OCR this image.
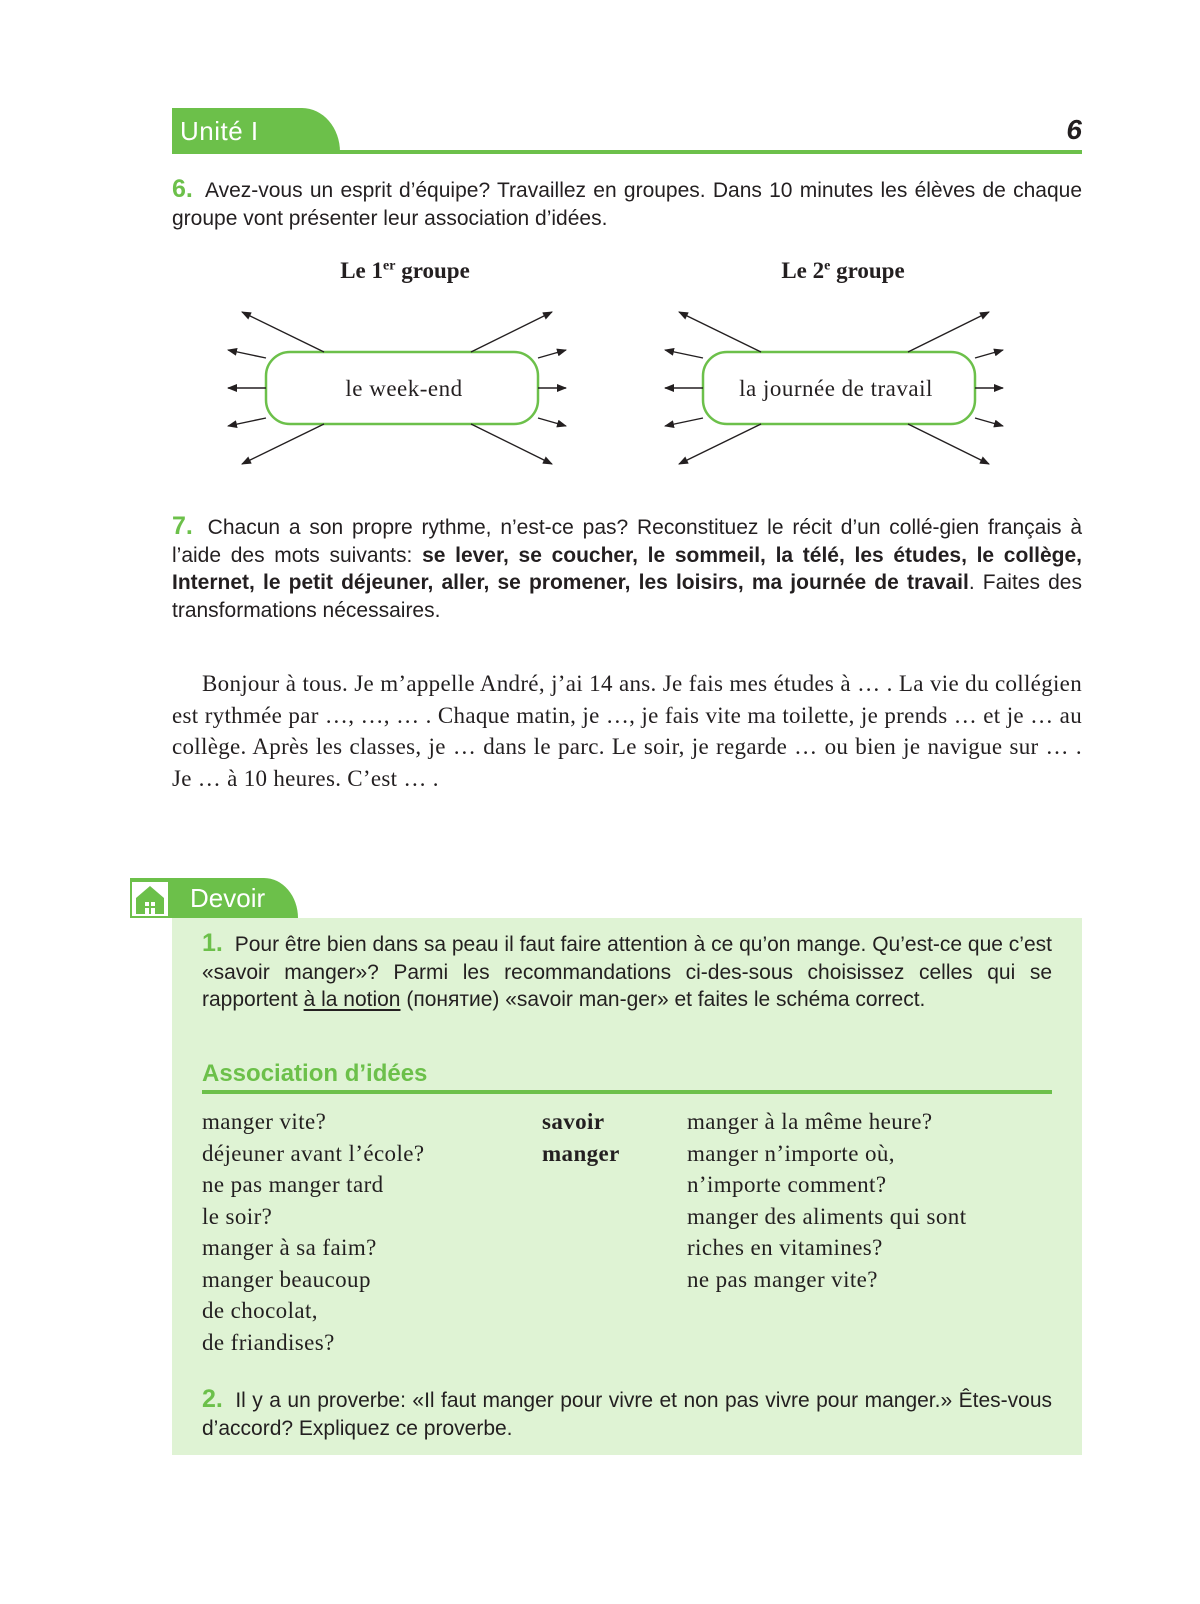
Unité I	6
6. Avez-vous un esprit d’équipe? Travaillez en groupes. Dans 10 minutes les élèves de chaque groupe vont présenter leur association d’idées.
Le 1er groupe	Le 2e groupe
le week-end	la journée de travail
7. Chacun a son propre rythme, n’est-ce pas? Reconstituez le récit d’un collé-gien français à l’aide des mots suivants: se lever, se coucher, le sommeil, la télé, les études, le collège, Internet, le petit déjeuner, aller, se promener, les loisirs, ma journée de travail. Faites des transformations nécessaires.
Bonjour à tous. Je m’appelle André, j’ai 14 ans. Je fais mes études à … . La vie du collégien est rythmée par …, …, … . Chaque matin, je …, je fais vite ma toilette, je prends … et je … au collège. Après les classes, je … dans le parc. Le soir, je regarde … ou bien je navigue sur … . Je … à 10 heures. C’est … .
Devoir
1. Pour être bien dans sa peau il faut faire attention à ce qu’on mange. Qu’est-ce que c’est «savoir manger»? Parmi les recommandations ci-des-sous choisissez celles qui se rapportent à la notion (понятие) «savoir man-ger» et faites le schéma correct.
Association d’idées
manger vite?
déjeuner avant l’école?
ne pas manger tard
le soir?
manger à sa faim?
manger beaucoup
de chocolat,
de friandises?
savoir
manger
manger à la même heure?
manger n’importe où,
n’importe comment?
manger des aliments qui sont
riches en vitamines?
ne pas manger vite?
2. Il y a un proverbe: «Il faut manger pour vivre et non pas vivre pour manger.» Êtes-vous d’accord? Expliquez ce proverbe.
